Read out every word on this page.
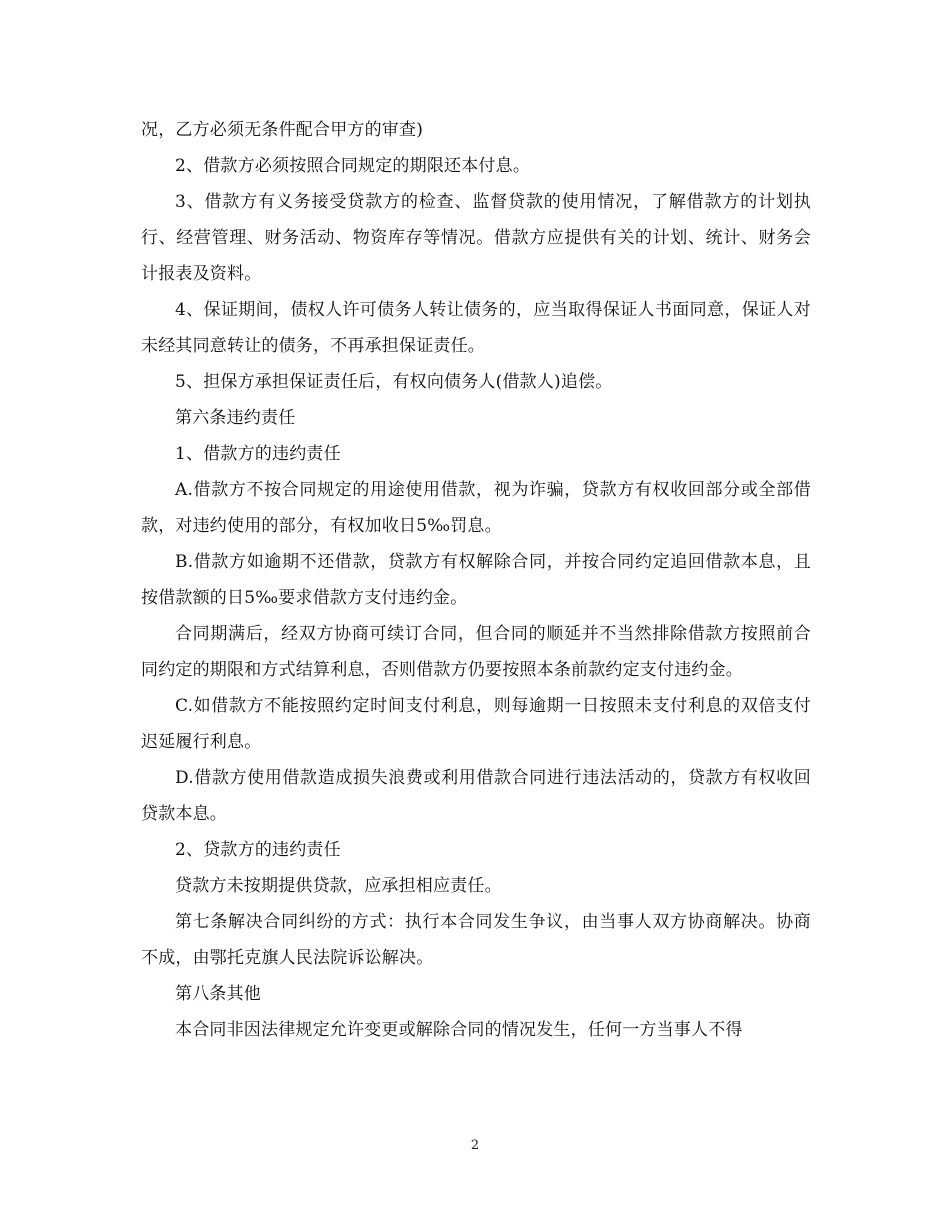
况，乙方必须无条件配合甲方的审查)

2、借款方必须按照合同规定的期限还本付息。

3、借款方有义务接受贷款方的检查、监督贷款的使用情况，了解借款方的计划执行、经营管理、财务活动、物资库存等情况。借款方应提供有关的计划、统计、财务会计报表及资料。

4、保证期间，债权人许可债务人转让债务的，应当取得保证人书面同意，保证人对未经其同意转让的债务，不再承担保证责任。

5、担保方承担保证责任后，有权向债务人(借款人)追偿。

第六条违约责任

1、借款方的违约责任

A.借款方不按合同规定的用途使用借款，视为诈骗，贷款方有权收回部分或全部借款，对违约使用的部分，有权加收日5‰罚息。

B.借款方如逾期不还借款，贷款方有权解除合同，并按合同约定追回借款本息，且按借款额的日5‰要求借款方支付违约金。

合同期满后，经双方协商可续订合同，但合同的顺延并不当然排除借款方按照前合同约定的期限和方式结算利息，否则借款方仍要按照本条前款约定支付违约金。

C.如借款方不能按照约定时间支付利息，则每逾期一日按照未支付利息的双倍支付迟延履行利息。

D.借款方使用借款造成损失浪费或利用借款合同进行违法活动的，贷款方有权收回贷款本息。

2、贷款方的违约责任

贷款方未按期提供贷款，应承担相应责任。

第七条解决合同纠纷的方式：执行本合同发生争议，由当事人双方协商解决。协商不成，由鄂托克旗人民法院诉讼解决。

第八条其他

本合同非因法律规定允许变更或解除合同的情况发生，任何一方当事人不得

2
